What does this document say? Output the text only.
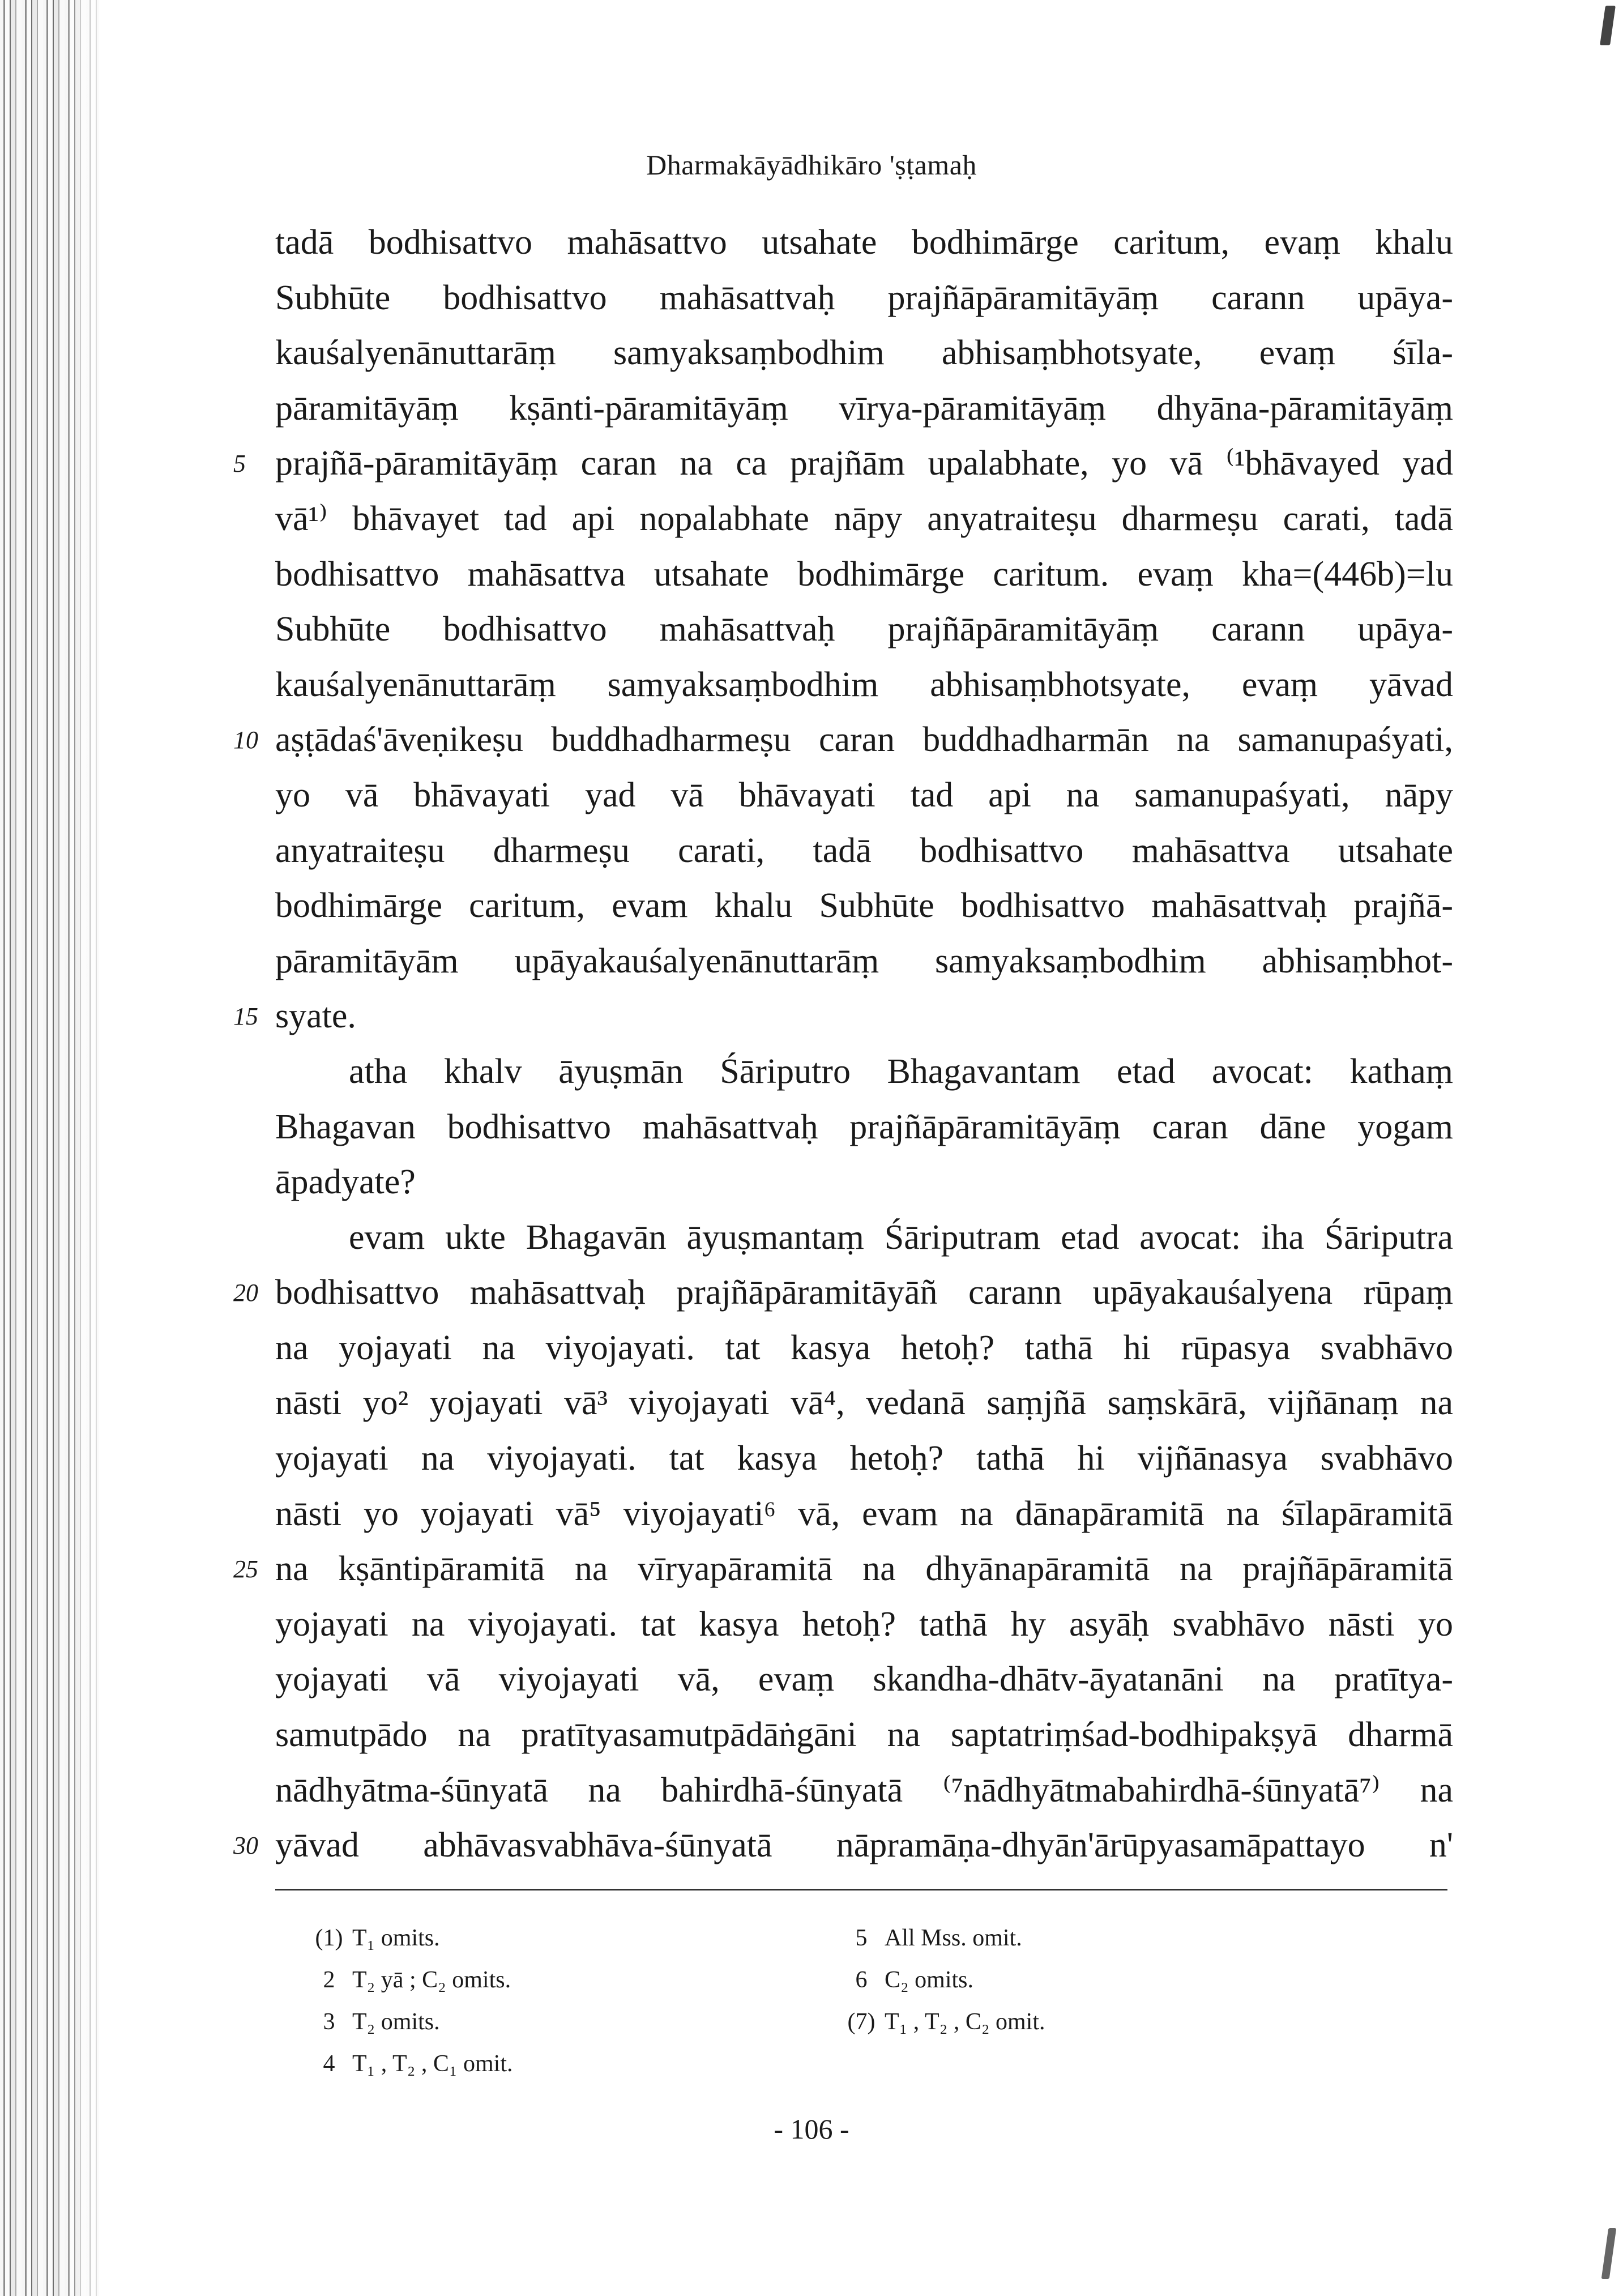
Dharmakāyādhikāro 'ṣṭamaḥ
tadā bodhisattvo mahāsattvo utsahate bodhimārge caritum, evaṃ khalu
Subhūte bodhisattvo mahāsattvaḥ prajñāpāramitāyāṃ carann upāya-
kauśalyenānuttarāṃ samyaksaṃbodhim abhisaṃbhotsyate, evaṃ śīla-
pāramitāyāṃ kṣānti-pāramitāyāṃ vīrya-pāramitāyāṃ dhyāna-pāramitāyāṃ
5 prajñā-pāramitāyāṃ caran na ca prajñām upalabhate, yo vā ⁽¹bhāvayed yad
vā¹⁾ bhāvayet tad api nopalabhate nāpy anyatraiteṣu dharmeṣu carati, tadā
bodhisattvo mahāsattva utsahate bodhimārge caritum. evaṃ kha=(446b)=lu
Subhūte bodhisattvo mahāsattvaḥ prajñāpāramitāyāṃ carann upāya-
kauśalyenānuttarāṃ samyaksaṃbodhim abhisaṃbhotsyate, evaṃ yāvad
10 aṣṭādaś'āveṇikeṣu buddhadharmeṣu caran buddhadharmān na samanupaśyati,
yo vā bhāvayati yad vā bhāvayati tad api na samanupaśyati, nāpy
anyatraiteṣu dharmeṣu carati, tadā bodhisattvo mahāsattva utsahate
bodhimārge caritum, evam khalu Subhūte bodhisattvo mahāsattvaḥ prajñā-
pāramitāyām upāyakauśalyenānuttarāṃ samyaksaṃbodhim abhisaṃbhot-
15 syate.
atha khalv āyuṣmān Śāriputro Bhagavantam etad avocat: kathaṃ
Bhagavan bodhisattvo mahāsattvaḥ prajñāpāramitāyāṃ caran dāne yogam
āpadyate?
evam ukte Bhagavān āyuṣmantaṃ Śāriputram etad avocat: iha Śāriputra
20 bodhisattvo mahāsattvaḥ prajñāpāramitāyāñ carann upāyakauśalyena rūpaṃ
na yojayati na viyojayati. tat kasya hetoḥ? tathā hi rūpasya svabhāvo
nāsti yo² yojayati vā³ viyojayati vā⁴, vedanā saṃjñā saṃskārā, vijñānaṃ na
yojayati na viyojayati. tat kasya hetoḥ? tathā hi vijñānasya svabhāvo
nāsti yo yojayati vā⁵ viyojayati⁶ vā, evam na dānapāramitā na śīlapāramitā
25 na kṣāntipāramitā na vīryapāramitā na dhyānapāramitā na prajñāpāramitā
yojayati na viyojayati. tat kasya hetoḥ? tathā hy asyāḥ svabhāvo nāsti yo
yojayati vā viyojayati vā, evaṃ skandha-dhātv-āyatanāni na pratītya-
samutpādo na pratītyasamutpādāṅgāni na saptatriṃśad-bodhipakṣyā dharmā
nādhyātma-śūnyatā na bahirdhā-śūnyatā ⁽⁷nādhyātmabahirdhā-śūnyatā⁷⁾ na
30 yāvad abhāvasvabhāva-śūnyatā nāpramāṇa-dhyān'ārūpyasamāpattayo n'
(1) T₁ omits.
2 T₂ yā ; C₂ omits.
3 T₂ omits.
4 T₁ , T₂ , C₁ omit.
5 All Mss. omit.
6 C₂ omits.
(7) T₁ , T₂ , C₂ omit.
- 106 -
